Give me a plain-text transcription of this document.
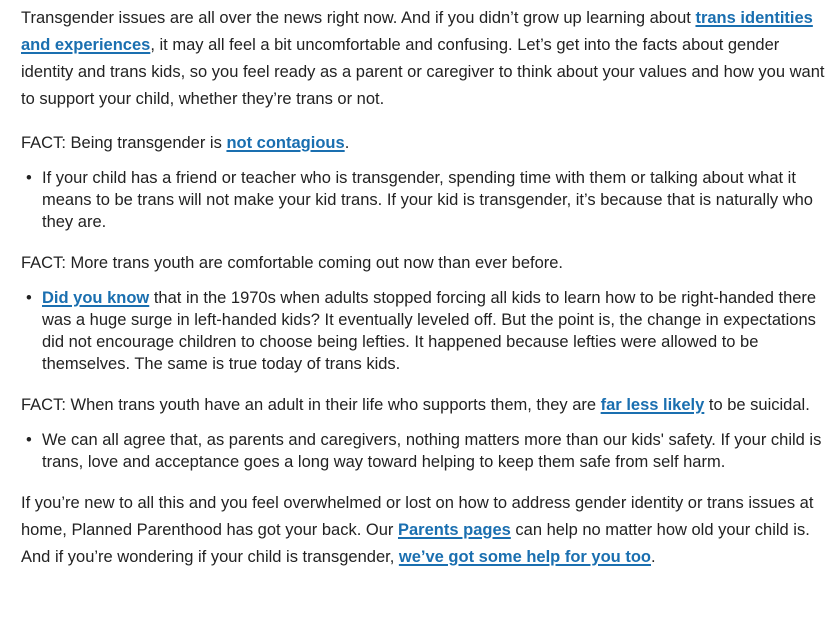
Transgender issues are all over the news right now. And if you didn’t grow up learning about trans identities and experiences, it may all feel a bit uncomfortable and confusing. Let’s get into the facts about gender identity and trans kids, so you feel ready as a parent or caregiver to think about your values and how you want to support your child, whether they’re trans or not.

FACT: Being transgender is not contagious.

• If your child has a friend or teacher who is transgender, spending time with them or talking about what it means to be trans will not make your kid trans. If your kid is transgender, it’s because that is naturally who they are.

FACT: More trans youth are comfortable coming out now than ever before.

• Did you know that in the 1970s when adults stopped forcing all kids to learn how to be right-handed there was a huge surge in left-handed kids? It eventually leveled off. But the point is, the change in expectations did not encourage children to choose being lefties. It happened because lefties were allowed to be themselves. The same is true today of trans kids.

FACT: When trans youth have an adult in their life who supports them, they are far less likely to be suicidal.

• We can all agree that, as parents and caregivers, nothing matters more than our kids' safety. If your child is trans, love and acceptance goes a long way toward helping to keep them safe from self harm.

If you’re new to all this and you feel overwhelmed or lost on how to address gender identity or trans issues at home, Planned Parenthood has got your back. Our Parents pages can help no matter how old your child is. And if you’re wondering if your child is transgender, we’ve got some help for you too.
